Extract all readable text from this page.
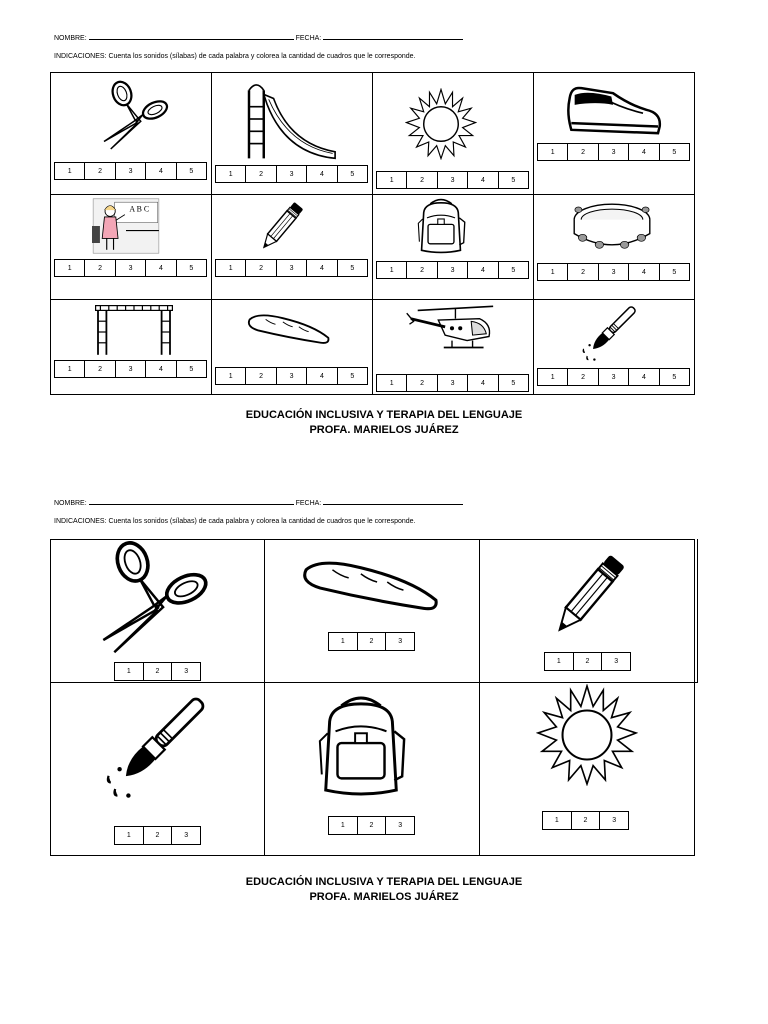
NOMBRE:	FECHA:
INDICACIONES: Cuenta los sonidos (sílabas) de cada palabra y colorea la cantidad de cuadros que le corresponde.
1	2	3	4	5	1	2	3	4	5
1	2	3	4	5
1	2	3	4	5
1	2	3	4	5	1	2	3	4	5	1	2	3	4	5	1	2	3	4	5
1	2	3	4	5
1	2	3	4	5
1	2	3	4	5
1	2	3	4	5
EDUCACIÓN INCLUSIVA Y TERAPIA DEL LENGUAJE
PROFA. MARIELOS JUÁREZ
NOMBRE:	FECHA:
INDICACIONES: Cuenta los sonidos (sílabas) de cada palabra y colorea la cantidad de cuadros que le corresponde.
1	2	3
1	2	3
1	2	3
1	2	3
1	2	3
1	2	3
EDUCACIÓN INCLUSIVA Y TERAPIA DEL LENGUAJE
PROFA. MARIELOS JUÁREZ
